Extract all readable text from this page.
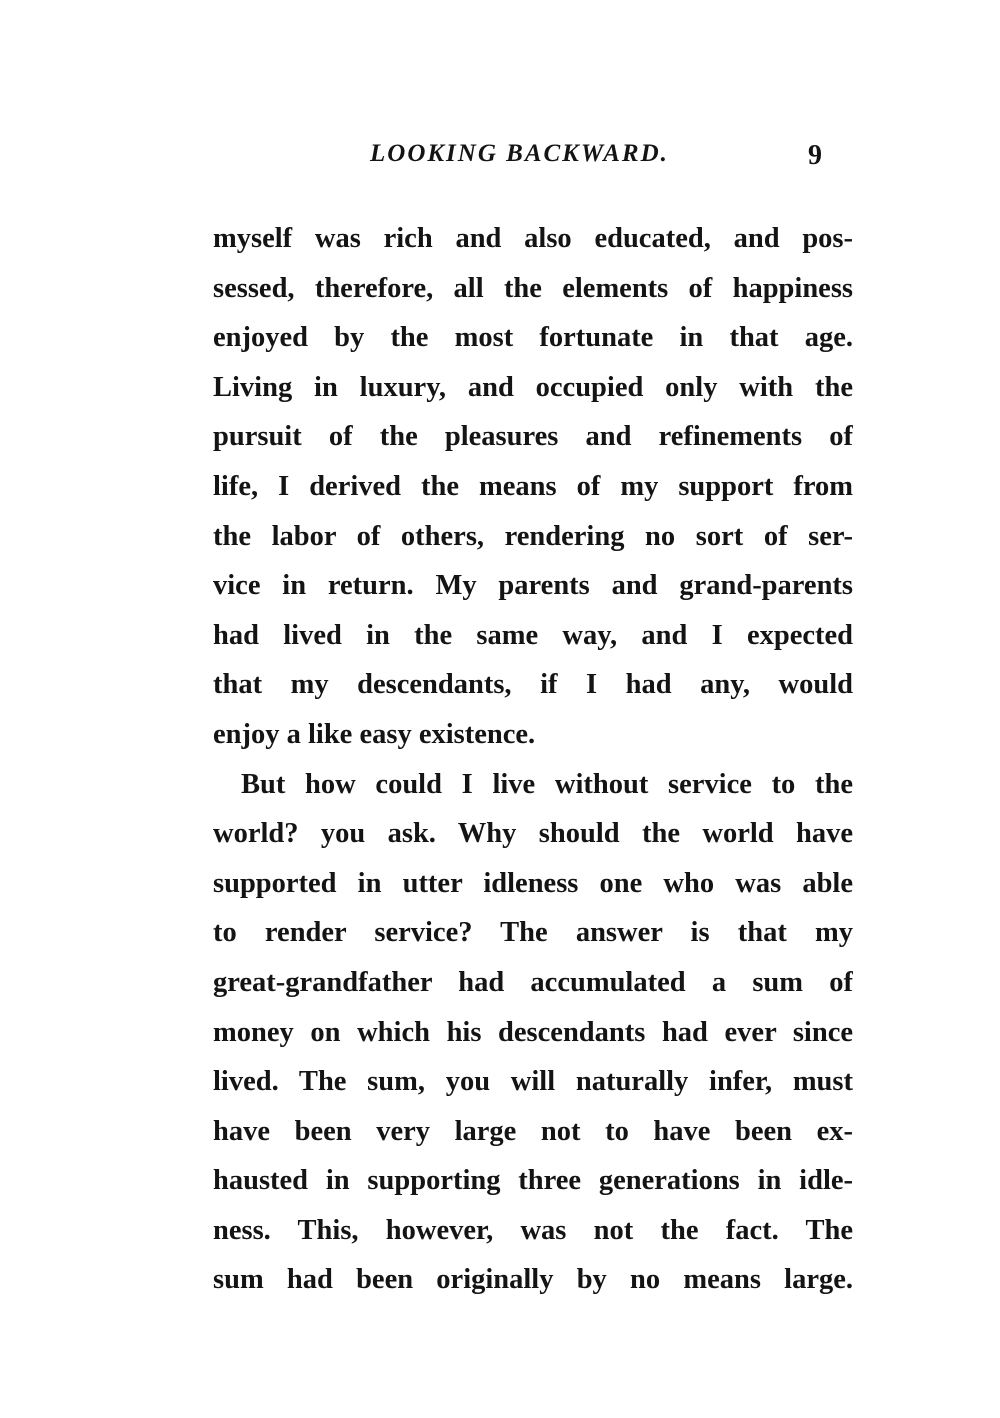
LOOKING BACKWARD.	9
myself was rich and also educated, and pos-
sessed, therefore, all the elements of happiness
enjoyed by the most fortunate in that age.
Living in luxury, and occupied only with the
pursuit of the pleasures and refinements of
life, I derived the means of my support from
the labor of others, rendering no sort of ser-
vice in return. My parents and grand-parents
had lived in the same way, and I expected
that my descendants, if I had any, would
enjoy a like easy existence.
But how could I live without service to the
world? you ask. Why should the world have
supported in utter idleness one who was able
to render service? The answer is that my
great-grandfather had accumulated a sum of
money on which his descendants had ever since
lived. The sum, you will naturally infer, must
have been very large not to have been ex-
hausted in supporting three generations in idle-
ness. This, however, was not the fact. The
sum had been originally by no means large.
